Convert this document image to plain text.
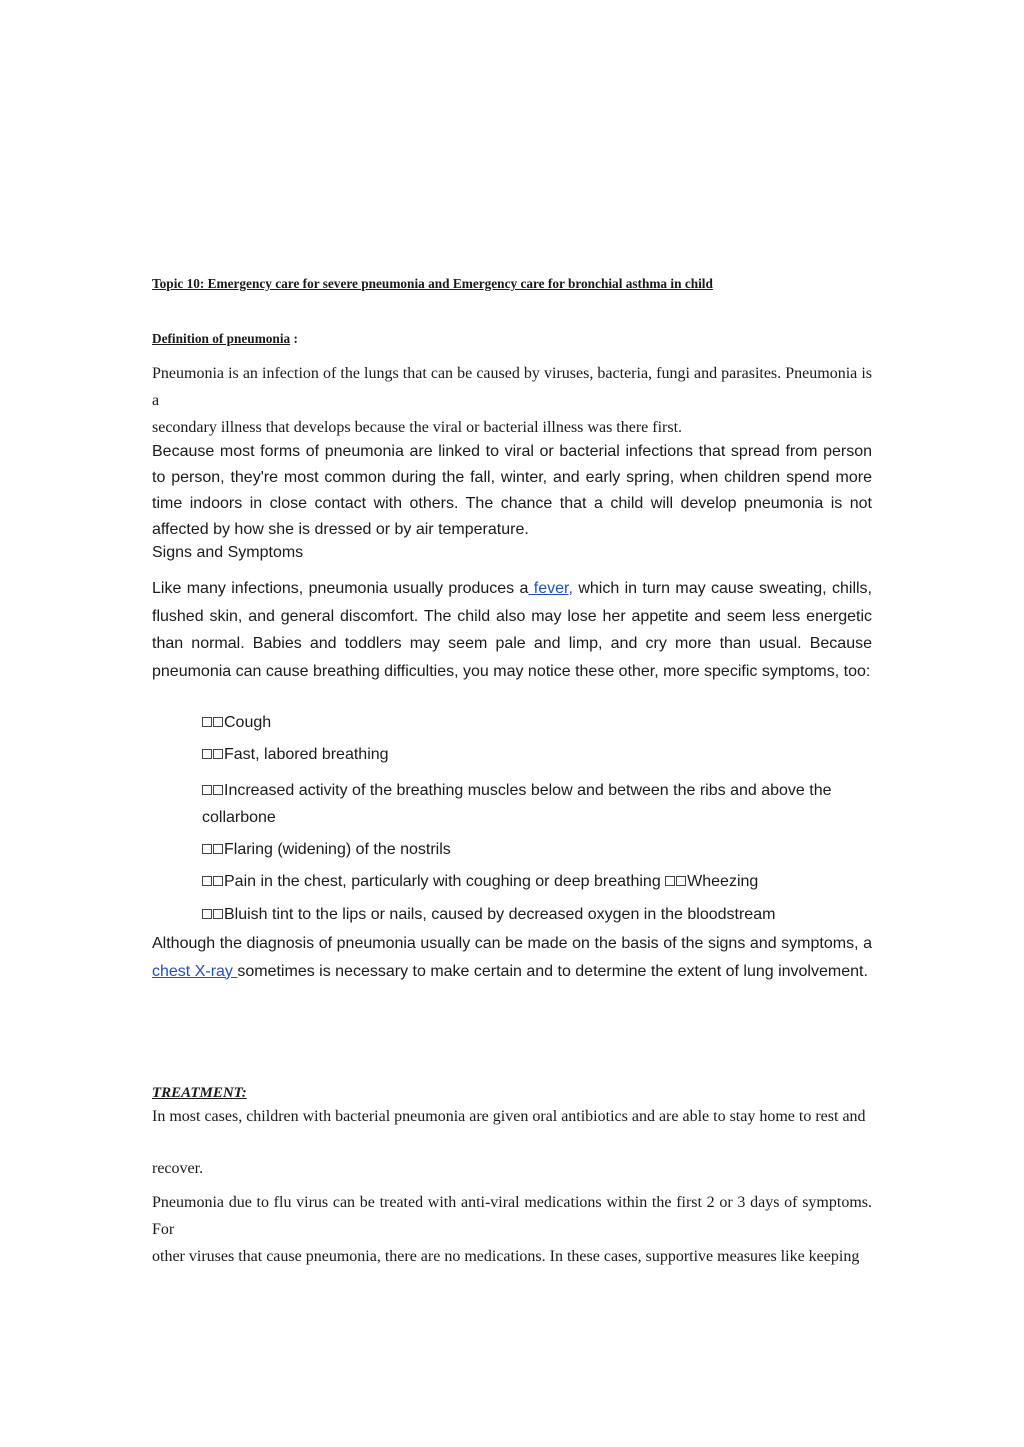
Topic 10: Emergency care for severe pneumonia and Emergency care for bronchial asthma in child

Definition of pneumonia :

Pneumonia is an infection of the lungs that can be caused by viruses, bacteria, fungi and parasites. Pneumonia is a

secondary illness that develops because the viral or bacterial illness was there first.

Because most forms of pneumonia are linked to viral or bacterial infections that spread from person to person, they're most common during the fall, winter, and early spring, when children spend more time indoors in close contact with others. The chance that a child will develop pneumonia is not affected by how she is dressed or by air temperature.

Signs and Symptoms

Like many infections, pneumonia usually produces a fever, which in turn may cause sweating, chills, flushed skin, and general discomfort. The child also may lose her appetite and seem less energetic than normal. Babies and toddlers may seem pale and limp, and cry more than usual. Because pneumonia can cause breathing difficulties, you may notice these other, more specific symptoms, too:

Cough

Fast, labored breathing

Increased activity of the breathing muscles below and between the ribs and above the collarbone

Flaring (widening) of the nostrils

Pain in the chest, particularly with coughing or deep breathing Wheezing

Bluish tint to the lips or nails, caused by decreased oxygen in the bloodstream

Although the diagnosis of pneumonia usually can be made on the basis of the signs and symptoms, a chest X-ray sometimes is necessary to make certain and to determine the extent of lung involvement.

TREATMENT:

In most cases, children with bacterial pneumonia are given oral antibiotics and are able to stay home to rest and

recover.

Pneumonia due to flu virus can be treated with anti-viral medications within the first 2 or 3 days of symptoms. For

other viruses that cause pneumonia, there are no medications. In these cases, supportive measures like keeping
